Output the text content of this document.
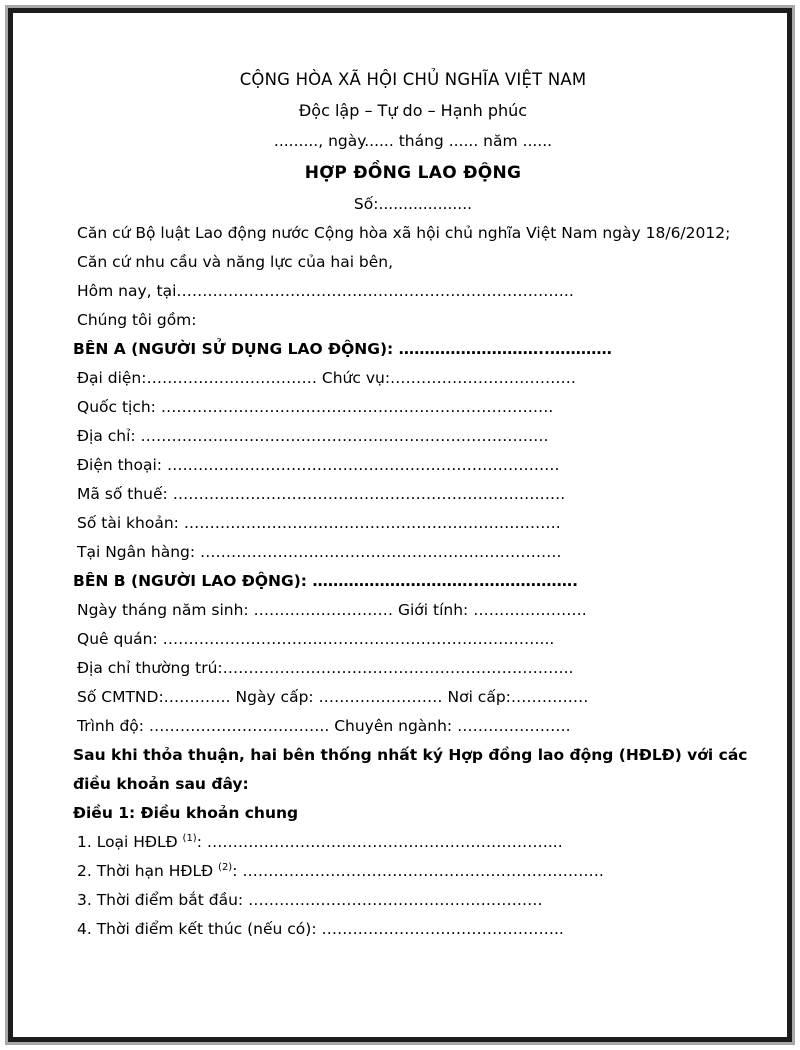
CỘNG HÒA XÃ HỘI CHỦ NGHĨA VIỆT NAM
Độc lập – Tự do – Hạnh phúc
........., ngày...... tháng ...... năm ......
HỢP ĐỒNG LAO ĐỘNG
Số:...................
Căn cứ Bộ luật Lao động nước Cộng hòa xã hội chủ nghĩa Việt Nam ngày 18/6/2012;
Căn cứ nhu cầu và năng lực của hai bên,
Hôm nay, tại…………………………………………………………………..
Chúng tôi gồm:
BÊN A (NGƯỜI SỬ DỤNG LAO ĐỘNG): ………………………..…………
Đại diện:…………………………… Chức vụ:………………………………
Quốc tịch: ………………………………………………………………….
Địa chỉ: …………………………………………………………………….
Điện thoại: ………………………………………………………………….
Mã số thuế: ………………………………………………………………….
Số tài khoản: ……………………………………………………………….
Tại Ngân hàng: …………………………………………………………….
BÊN B (NGƯỜI LAO ĐỘNG): …………………………..……………….
Ngày tháng năm sinh: ……………………… Giới tính: ………………….
Quê quán: ………………………….……………………………………...
Địa chỉ thường trú:…………………………………………………………..
Số CMTND:…………. Ngày cấp: …………………… Nơi cấp:……………
Trình độ: …………………………….. Chuyên ngành: ………………….
Sau khi thỏa thuận, hai bên thống nhất ký Hợp đồng lao động (HĐLĐ) với các
điều khoản sau đây:
Điều 1: Điều khoản chung
1. Loại HĐLĐ $^{(1)}$: …………………………………………………………...
2. Thời hạn HĐLĐ $^{(2)}$: …………………………………………………………….
3. Thời điểm bắt đầu: …………………………………………………
4. Thời điểm kết thúc (nếu có): ………………………………………..
